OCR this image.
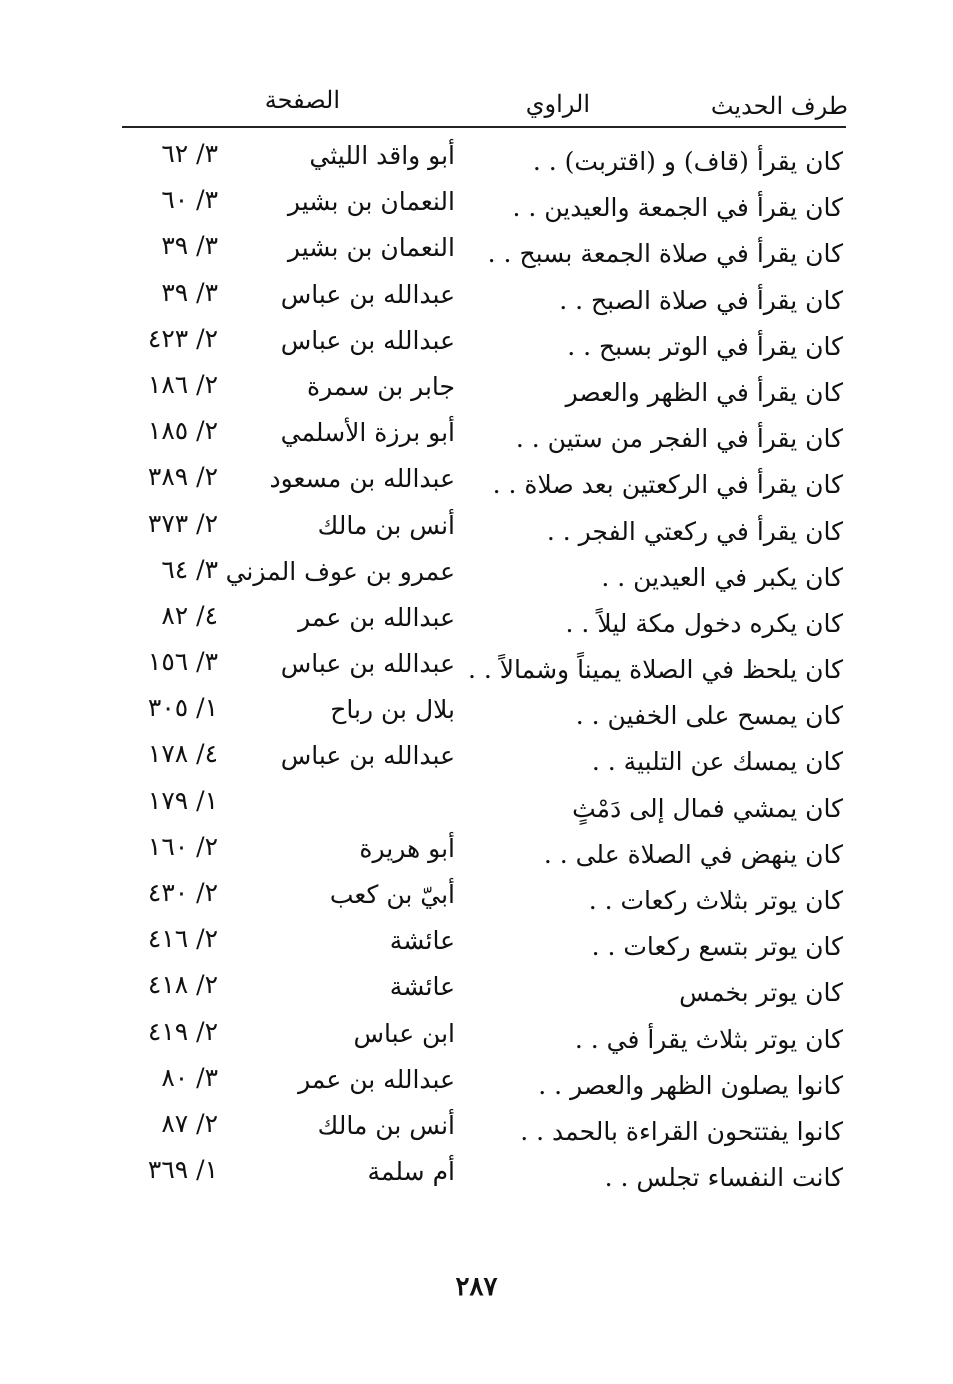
طرف الحديث
الراوي
الصفحة
كان يقرأ (قاف) و (اقتربت) . .
أبو واقد الليثي
٣/ ٦٢
كان يقرأ في الجمعة والعيدين . .
النعمان بن بشير
٣/ ٦٠
كان يقرأ في صلاة الجمعة بسبح . .
النعمان بن بشير
٣/ ٣٩
كان يقرأ في صلاة الصبح . .
عبدالله بن عباس
٣/ ٣٩
كان يقرأ في الوتر بسبح . .
عبدالله بن عباس
٢/ ٤٢٣
كان يقرأ في الظهر والعصر
جابر بن سمرة
٢/ ١٨٦
كان يقرأ في الفجر من ستين . .
أبو برزة الأسلمي
٢/ ١٨٥
كان يقرأ في الركعتين بعد صلاة . .
عبدالله بن مسعود
٢/ ٣٨٩
كان يقرأ في ركعتي الفجر . .
أنس بن مالك
٢/ ٣٧٣
كان يكبر في العيدين . .
عمرو بن عوف المزني
٣/ ٦٤
كان يكره دخول مكة ليلاً . .
عبدالله بن عمر
٤/ ٨٢
كان يلحظ في الصلاة يميناً وشمالاً . .
عبدالله بن عباس
٣/ ١٥٦
كان يمسح على الخفين . .
بلال بن رباح
١/ ٣٠٥
كان يمسك عن التلبية . .
عبدالله بن عباس
٤/ ١٧٨
كان يمشي فمال إلى دَمْثٍ
١/ ١٧٩
كان ينهض في الصلاة على . .
أبو هريرة
٢/ ١٦٠
كان يوتر بثلاث ركعات . .
أبيّ بن كعب
٢/ ٤٣٠
كان يوتر بتسع ركعات . .
عائشة
٢/ ٤١٦
كان يوتر بخمس
عائشة
٢/ ٤١٨
كان يوتر بثلاث يقرأ في . .
ابن عباس
٢/ ٤١٩
كانوا يصلون الظهر والعصر . .
عبدالله بن عمر
٣/ ٨٠
كانوا يفتتحون القراءة بالحمد . .
أنس بن مالك
٢/ ٨٧
كانت النفساء تجلس . .
أم سلمة
١/ ٣٦٩
٢٨٧
